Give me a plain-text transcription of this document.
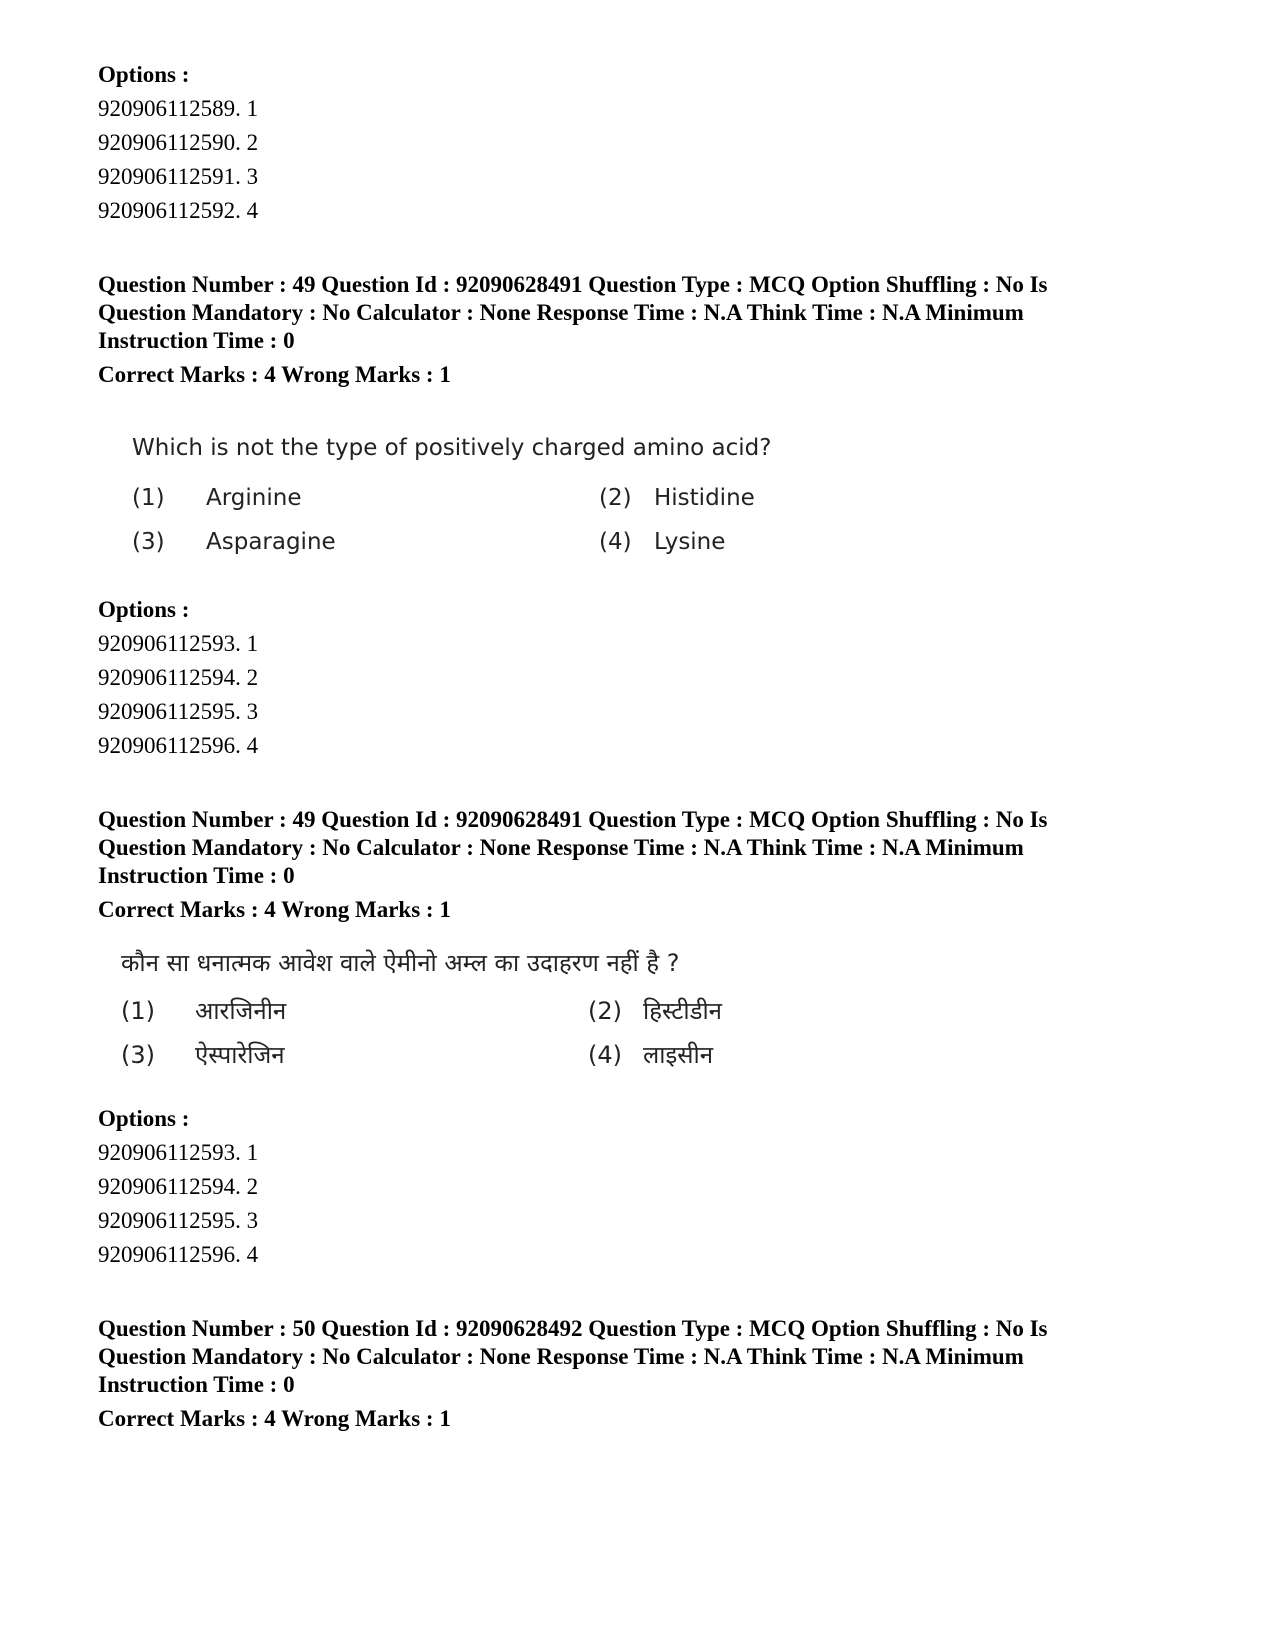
Options :
920906112589. 1
920906112590. 2
920906112591. 3
920906112592. 4
Question Number : 49 Question Id : 92090628491 Question Type : MCQ Option Shuffling : No Is
Question Mandatory : No Calculator : None Response Time : N.A Think Time : N.A Minimum
Instruction Time : 0
Correct Marks : 4 Wrong Marks : 1
Which is not the type of positively charged amino acid?
(1)	Arginine	(2) Histidine
(3)	Asparagine	(4) Lysine
Options :
920906112593. 1
920906112594. 2
920906112595. 3
920906112596. 4
Question Number : 49 Question Id : 92090628491 Question Type : MCQ Option Shuffling : No Is
Question Mandatory : No Calculator : None Response Time : N.A Think Time : N.A Minimum
Instruction Time : 0
Correct Marks : 4 Wrong Marks : 1
कौन सा धनात्मक आवेश वाले ऐमीनो अम्ल का उदाहरण नहीं है ?
(1)	आरजिनीन	(2) हिस्टीडीन
(3)	ऐस्पारेजिन	(4) लाइसीन
Options :
920906112593. 1
920906112594. 2
920906112595. 3
920906112596. 4
Question Number : 50 Question Id : 92090628492 Question Type : MCQ Option Shuffling : No Is
Question Mandatory : No Calculator : None Response Time : N.A Think Time : N.A Minimum
Instruction Time : 0
Correct Marks : 4 Wrong Marks : 1
